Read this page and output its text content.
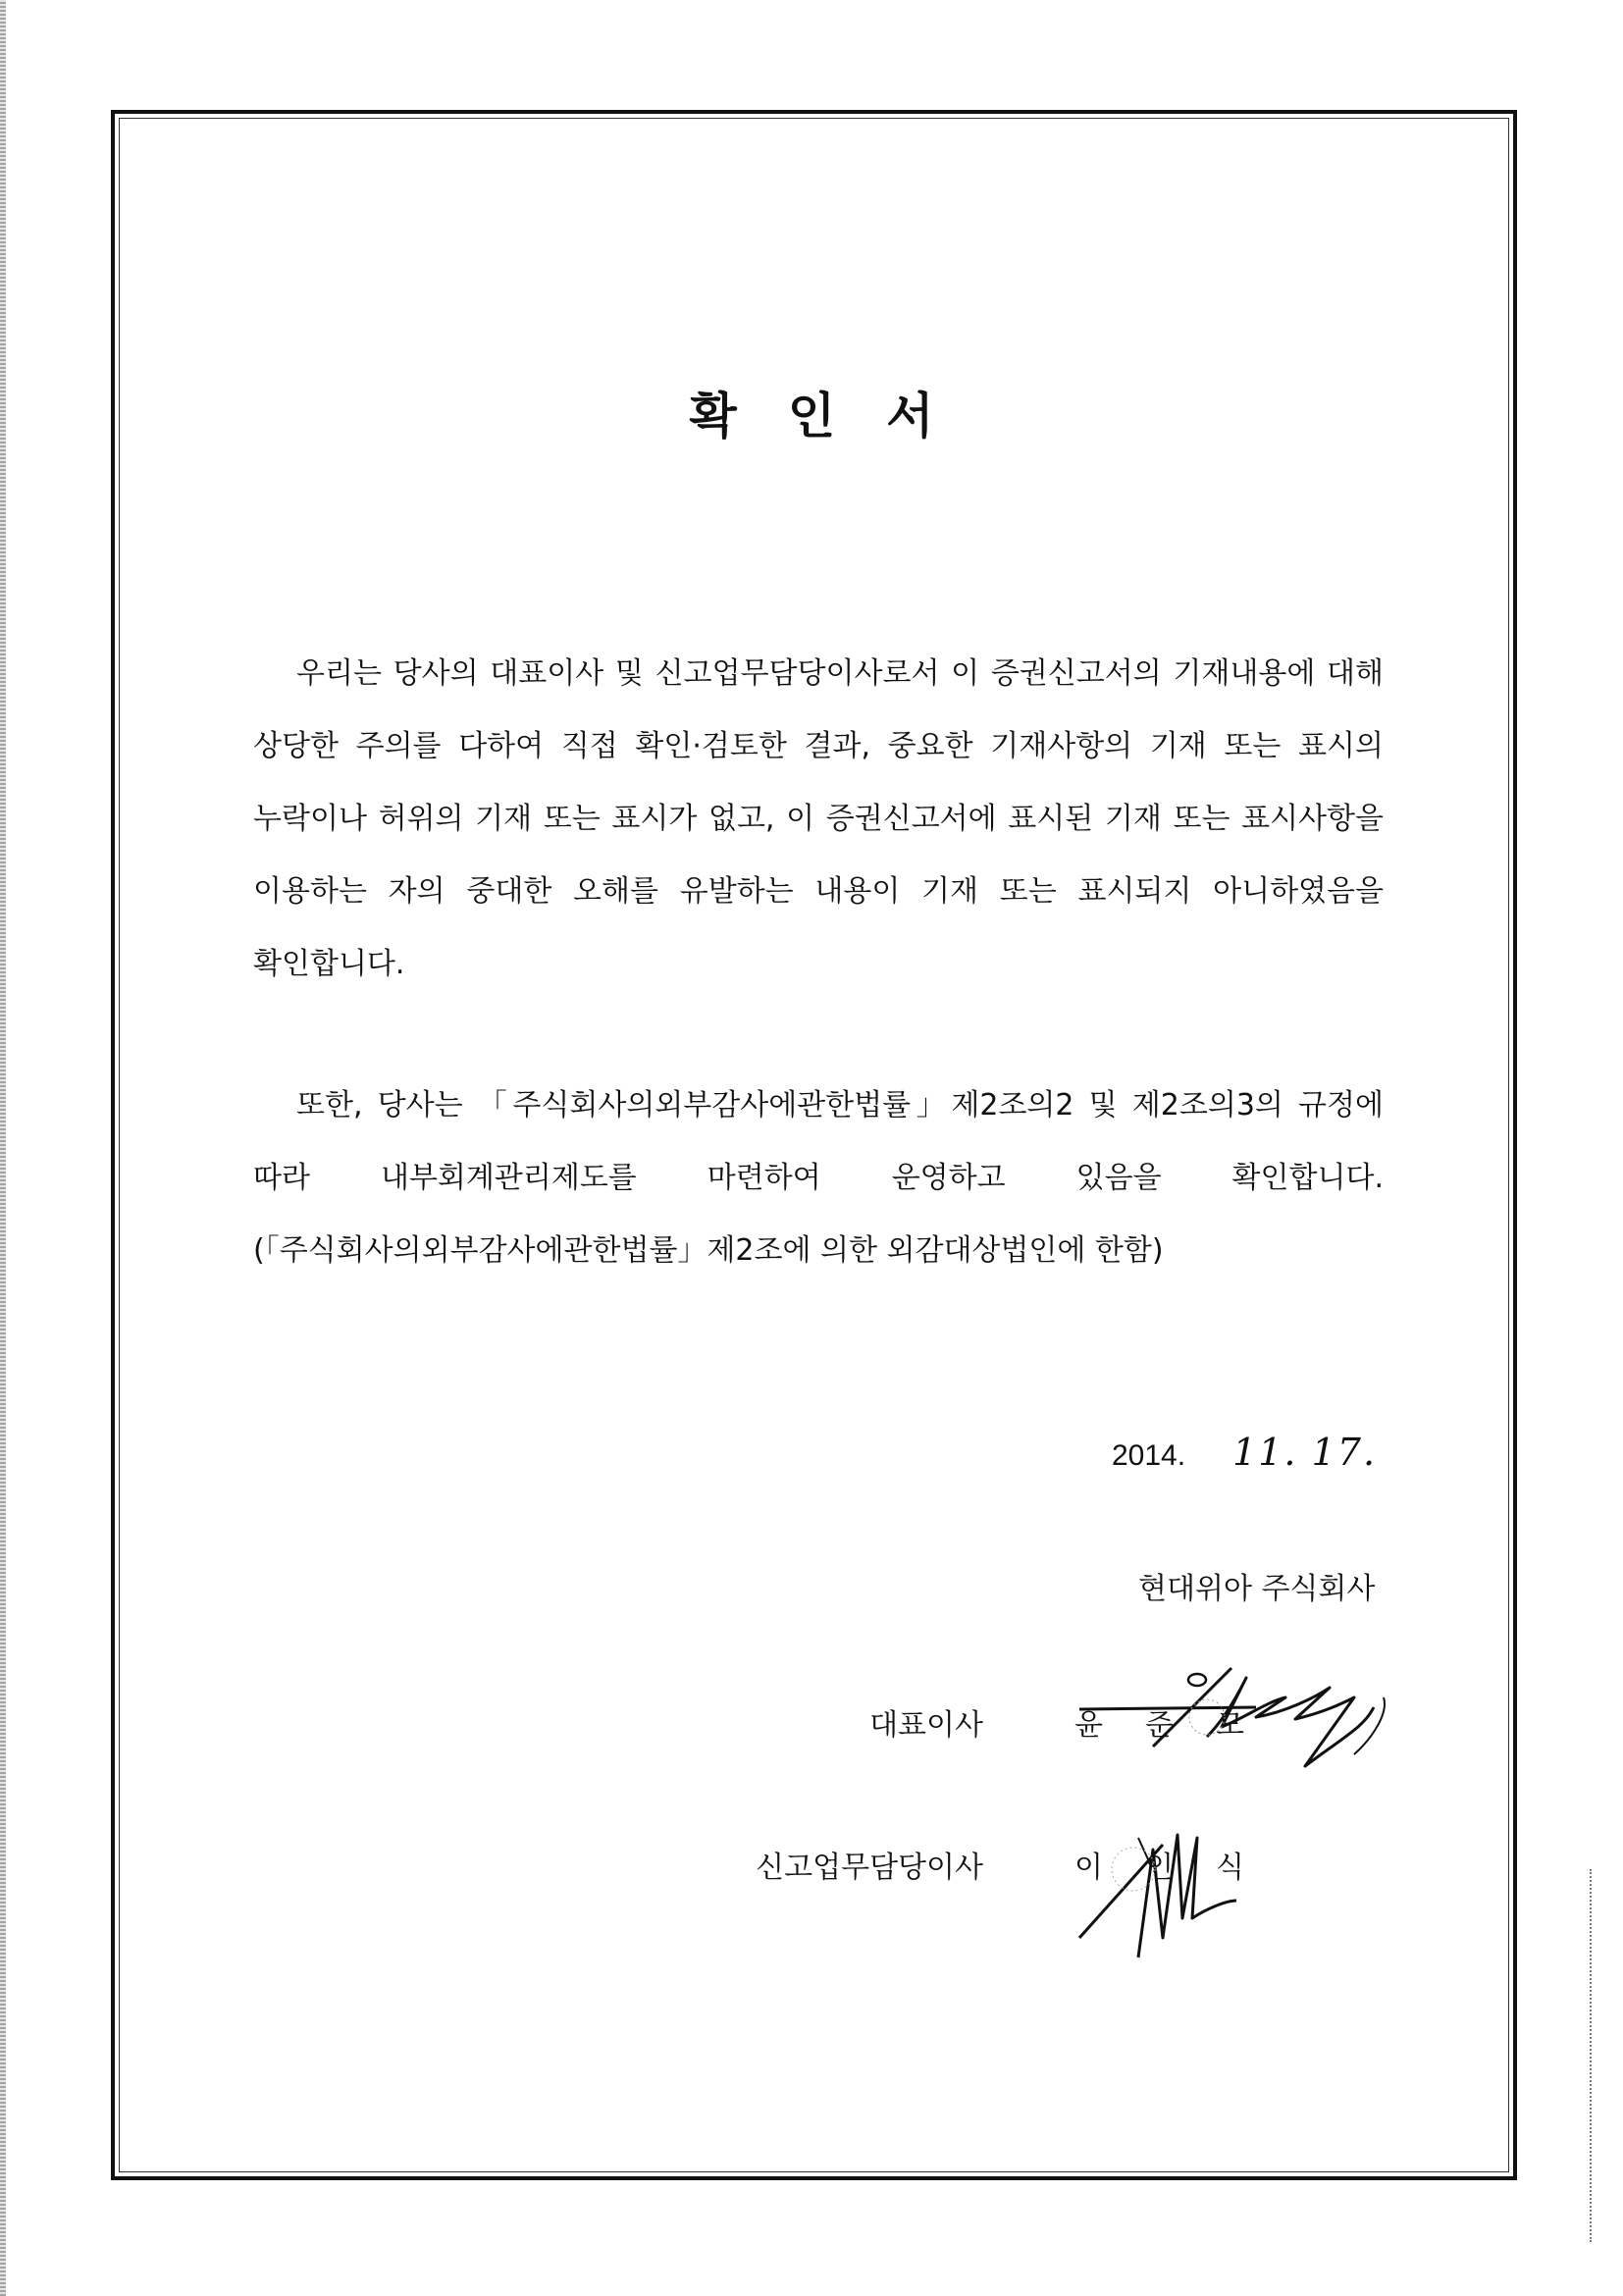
확 인 서
우리는 당사의 대표이사 및 신고업무담당이사로서 이 증권신고서의 기재내용에 대해 상당한 주의를 다하여 직접 확인·검토한 결과, 중요한 기재사항의 기재 또는 표시의 누락이나 허위의 기재 또는 표시가 없고, 이 증권신고서에 표시된 기재 또는 표시사항을 이용하는 자의 중대한 오해를 유발하는 내용이 기재 또는 표시되지 아니하였음을 확인합니다.
또한, 당사는 「주식회사의외부감사에관한법률」제2조의2 및 제2조의3의 규정에 따라 내부회계관리제도를 마련하여 운영하고 있음을 확인합니다.(「주식회사의외부감사에관한법률」제2조에 의한 외감대상법인에 한함)
2014. 11. 17.
현대위아 주식회사
대표이사	윤 준 모
신고업무담당이사	이 인 식
